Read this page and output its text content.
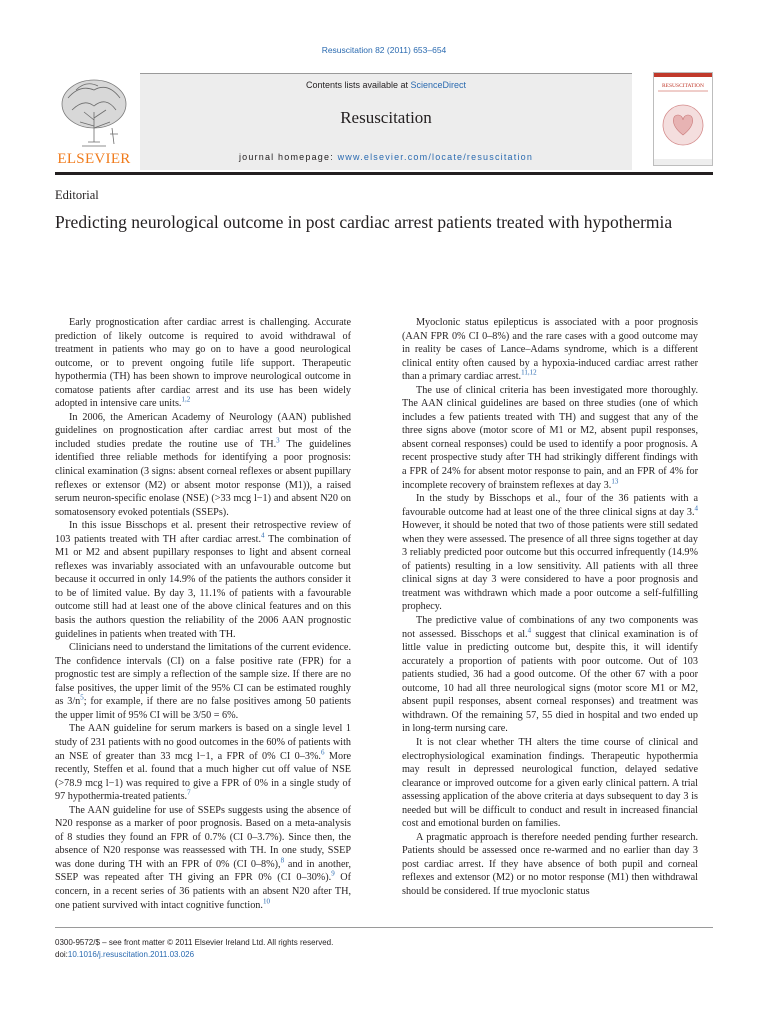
Resuscitation 82 (2011) 653–654
ELSEVIER
Contents lists available at ScienceDirect
Resuscitation
journal homepage: www.elsevier.com/locate/resuscitation
RESUSCITATION
Editorial
Predicting neurological outcome in post cardiac arrest patients treated with hypothermia

Early prognostication after cardiac arrest is challenging. Accurate prediction of likely outcome is required to avoid withdrawal of treatment in patients who may go on to have a good neurological outcome, or to prevent ongoing futile life support. Therapeutic hypothermia (TH) has been shown to improve neurological outcome in comatose patients after cardiac arrest and its use has been widely adopted in intensive care units.$^{1,2}$

In 2006, the American Academy of Neurology (AAN) published guidelines on prognostication after cardiac arrest but most of the included studies predate the routine use of TH.$^3$ The guidelines identified three reliable methods for identifying a poor prognosis: clinical examination (3 signs: absent corneal reflexes or absent pupillary reflexes or extensor (M2) or absent motor response (M1)), a raised serum neuron-specific enolase (NSE) (>33 mcg l−1) and absent N20 on somatosensory evoked potentials (SSEPs).

In this issue Bisschops et al. present their retrospective review of 103 patients treated with TH after cardiac arrest.$^4$ The combination of M1 or M2 and absent pupillary responses to light and absent corneal reflexes was invariably associated with an unfavourable outcome but because it occurred in only 14.9% of the patients the authors consider it to be of limited value. By day 3, 11.1% of patients with a favourable outcome still had at least one of the above clinical features and on this basis the authors question the reliability of the 2006 AAN prognostic guidelines in patients when treated with TH.

Clinicians need to understand the limitations of the current evidence. The confidence intervals (CI) on a false positive rate (FPR) for a prognostic test are simply a reflection of the sample size. If there are no false positives, the upper limit of the 95% CI can be estimated roughly as $3/n^5$; for example, if there are no false positives among 50 patients the upper limit of 95% CI will be 3/50 = 6%.

The AAN guideline for serum markers is based on a single level 1 study of 231 patients with no good outcomes in the 60% of patients with an NSE of greater than 33 mcg l−1, a FPR of 0% CI 0–3%.$^6$ More recently, Steffen et al. found that a much higher cut off value of NSE (>78.9 mcg l−1) was required to give a FPR of 0% in a single study of 97 hypothermia-treated patients.$^7$

The AAN guideline for use of SSEPs suggests using the absence of N20 response as a marker of poor prognosis. Based on a meta-analysis of 8 studies they found an FPR of 0.7% (CI 0–3.7%). Since then, the absence of N20 response was reassessed with TH. In one study, SSEP was done during TH with an FPR of 0% (CI 0–8%),$^8$ and in another, SSEP was repeated after TH giving an FPR 0% (CI 0–30%).$^9$ Of concern, in a recent series of 36 patients with an absent N20 after TH, one patient survived with intact cognitive function.$^{10}$

Myoclonic status epilepticus is associated with a poor prognosis (AAN FPR 0% CI 0–8%) and the rare cases with a good outcome may in reality be cases of Lance–Adams syndrome, which is a different clinical entity often caused by a hypoxia-induced cardiac arrest rather than a primary cardiac arrest.$^{11,12}$

The use of clinical criteria has been investigated more thoroughly. The AAN clinical guidelines are based on three studies (one of which includes a few patients treated with TH) and suggest that any of the three signs above (motor score of M1 or M2, absent pupil responses, absent corneal responses) could be used to identify a poor prognosis. A recent prospective study after TH had strikingly different findings with a FPR of 24% for absent motor response to pain, and an FPR of 4% for incomplete recovery of brainstem reflexes at day 3.13

In the study by Bisschops et al., four of the 36 patients with a favourable outcome had at least one of the three clinical signs at day 3.$^4$ However, it should be noted that two of those patients were still sedated when they were assessed. The presence of all three signs together at day 3 reliably predicted poor outcome but this occurred infrequently (14.9% of patients) resulting in a low sensitivity. All patients with all three clinical signs at day 3 were considered to have a poor prognosis and treatment was withdrawn which made a poor outcome a self-fulfilling prophecy.

The predictive value of combinations of any two components was not assessed. Bisschops et al.$^4$ suggest that clinical examination is of little value in predicting outcome but, despite this, it will identify accurately a proportion of patients with poor outcome. Out of 103 patients studied, 36 had a good outcome. Of the other 67 with a poor outcome, 10 had all three neurological signs (motor score M1 or M2, absent pupil responses, absent corneal responses) and treatment was withdrawn. Of the remaining 57, 55 died in hospital and two ended up in long-term nursing care.

It is not clear whether TH alters the time course of clinical and electrophysiological examination findings. Therapeutic hypothermia may result in depressed neurological function, delayed sedative clearance or improved outcome for a given early clinical pattern. A trial assessing application of the above criteria at days subsequent to day 3 is needed but will be difficult to conduct and result in increased financial cost and emotional burden on families.

A pragmatic approach is therefore needed pending further research. Patients should be assessed once re-warmed and no earlier than day 3 post cardiac arrest. If they have absence of both pupil and corneal reflexes and extensor (M2) or no motor response (M1) then withdrawal should be considered. If true myoclonic status

0300-9572/$ – see front matter © 2011 Elsevier Ireland Ltd. All rights reserved.
doi:10.1016/j.resuscitation.2011.03.026
